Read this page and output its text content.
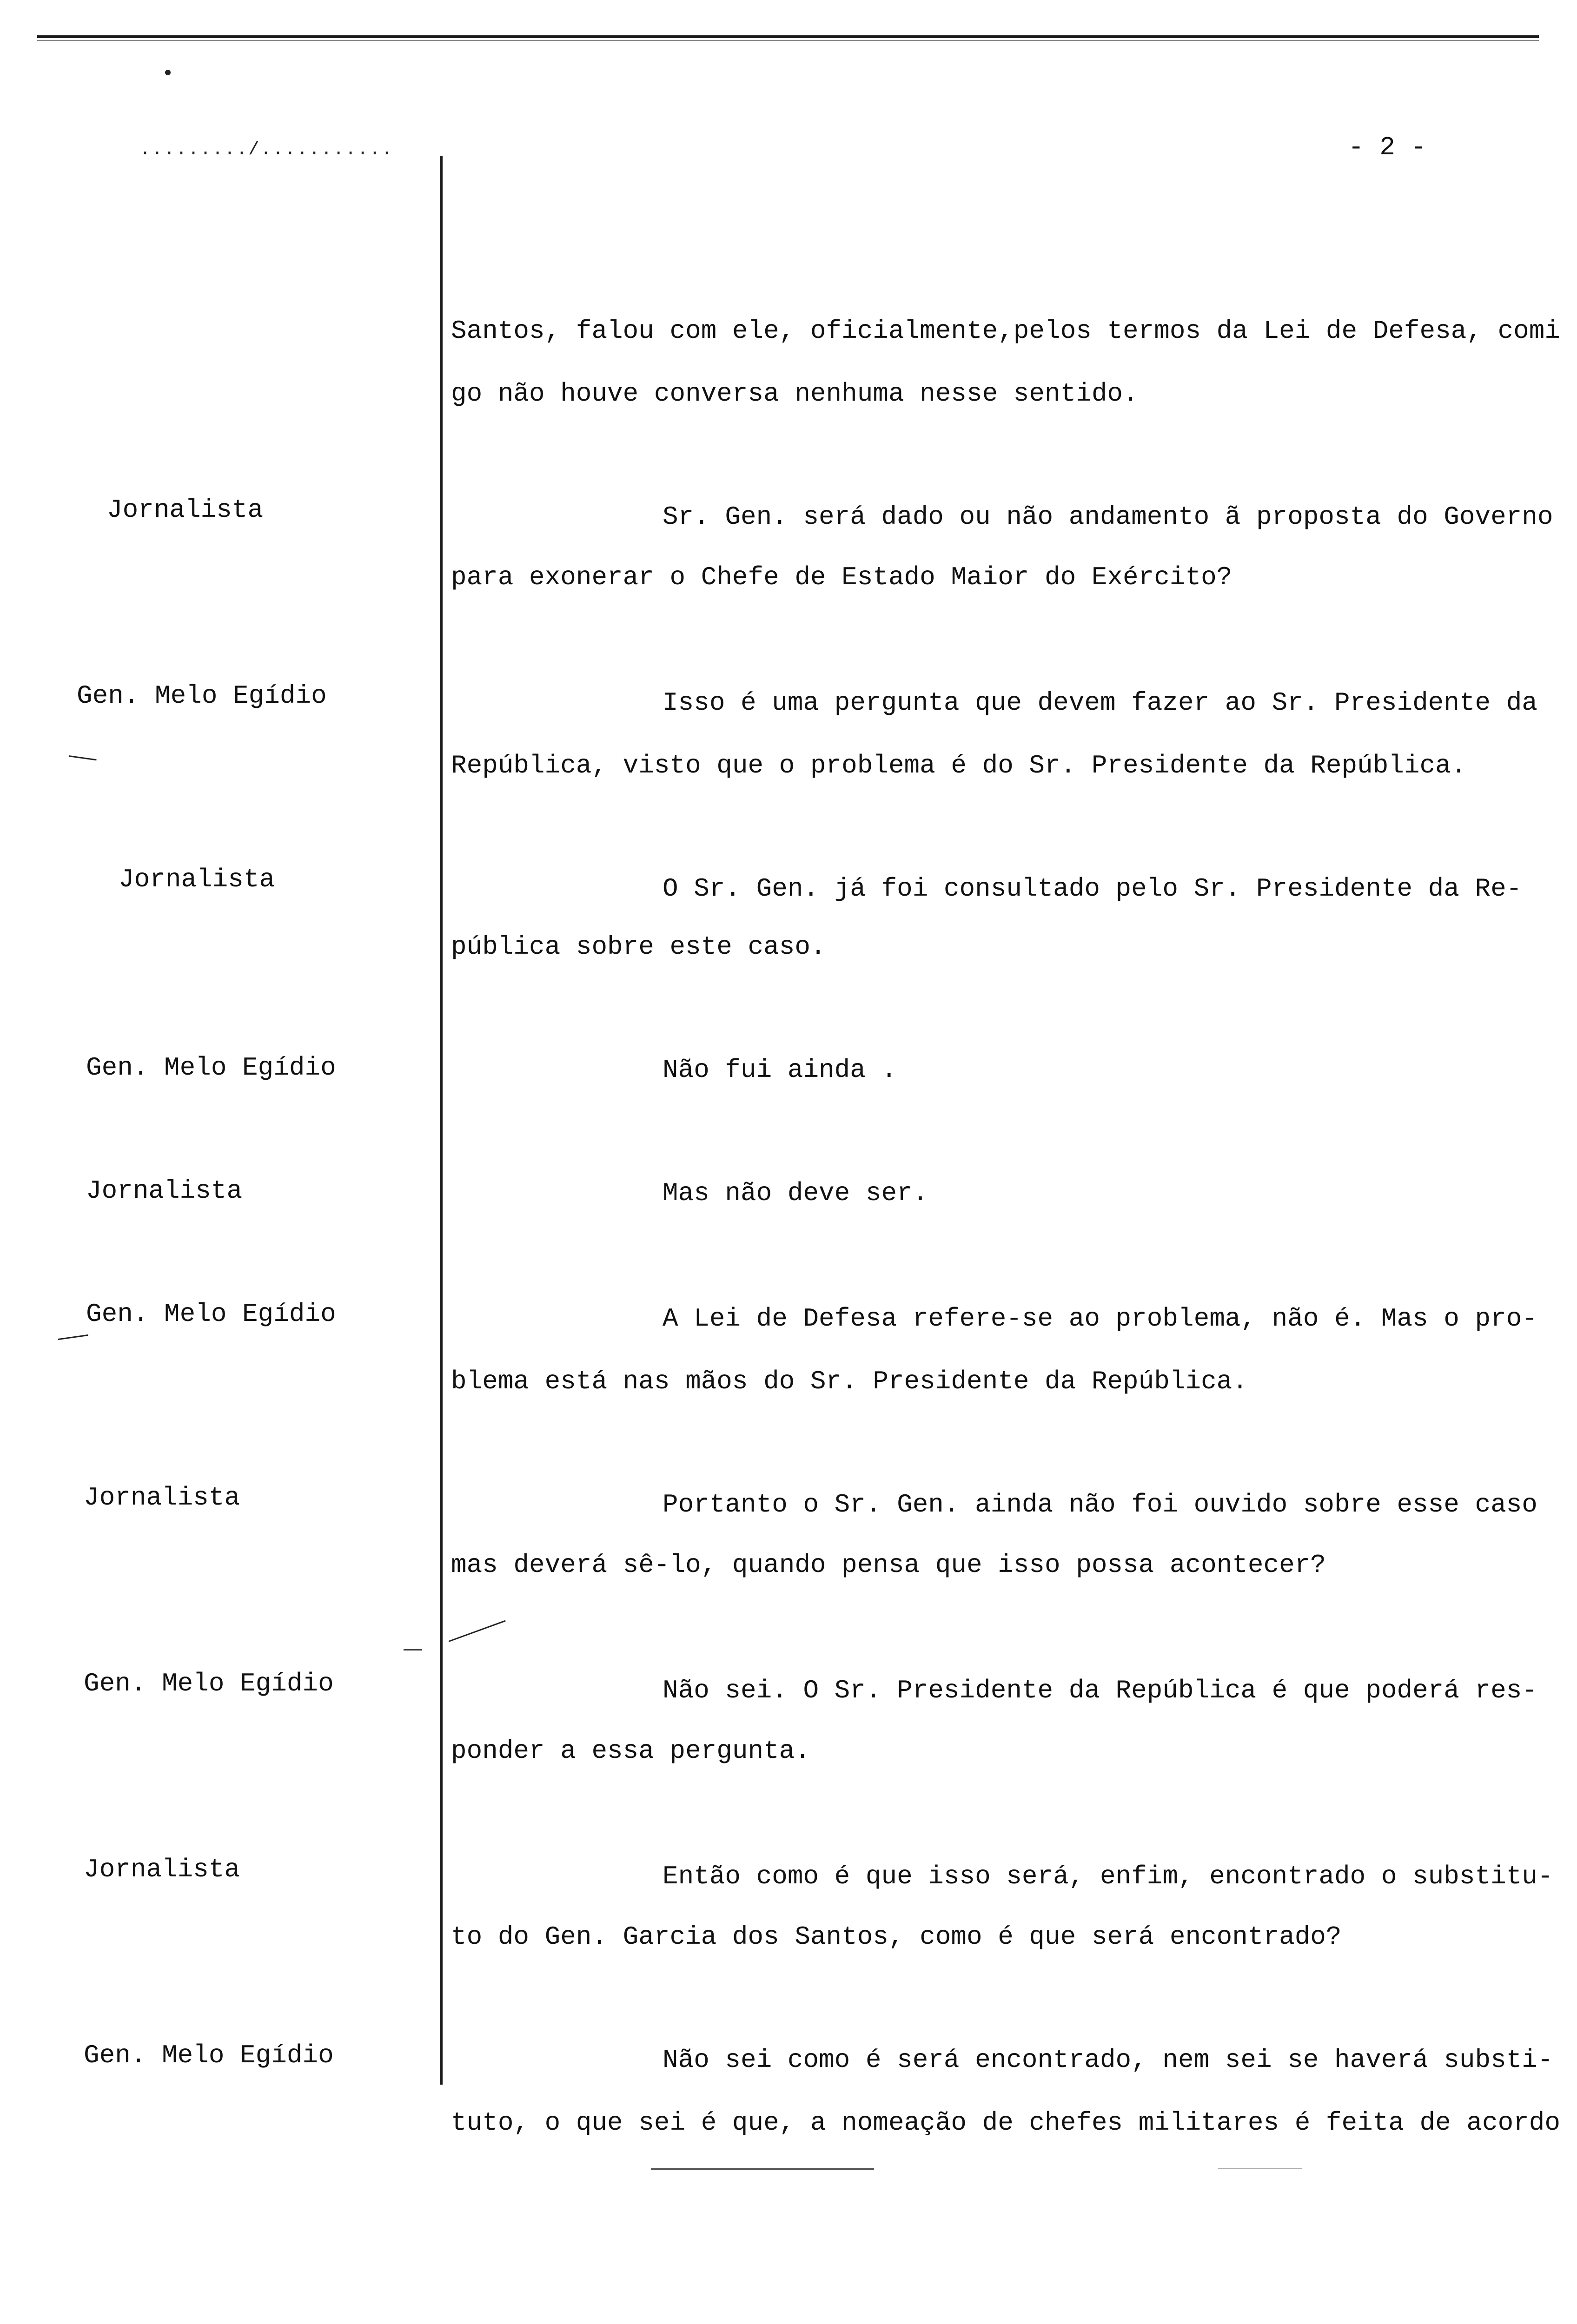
........./...........	- 2 -
Santos, falou com ele, oficialmente,pelos termos da Lei de Defesa, comi
go não houve conversa nenhuma nesse sentido.
Jornalista	Sr. Gen. será dado ou não andamento ã proposta do Governo
para exonerar o Chefe de Estado Maior do Exército?
Gen. Melo Egídio	Isso é uma pergunta que devem fazer ao Sr. Presidente da
República, visto que o problema é do Sr. Presidente da República.
Jornalista	O Sr. Gen. já foi consultado pelo Sr. Presidente da Re-
pública sobre este caso.
Gen. Melo Egídio	Não fui ainda .
Jornalista	Mas não deve ser.
Gen. Melo Egídio	A Lei de Defesa refere-se ao problema, não é. Mas o pro-
blema está nas mãos do Sr. Presidente da República.
Jornalista	Portanto o Sr. Gen. ainda não foi ouvido sobre esse caso
mas deverá sê-lo, quando pensa que isso possa acontecer?
Gen. Melo Egídio	Não sei. O Sr. Presidente da República é que poderá res-
ponder a essa pergunta.
Jornalista	Então como é que isso será, enfim, encontrado o substitu-
to do Gen. Garcia dos Santos, como é que será encontrado?
Gen. Melo Egídio	Não sei como é será encontrado, nem sei se haverá substi-
tuto, o que sei é que, a nomeação de chefes militares é feita de acordo
